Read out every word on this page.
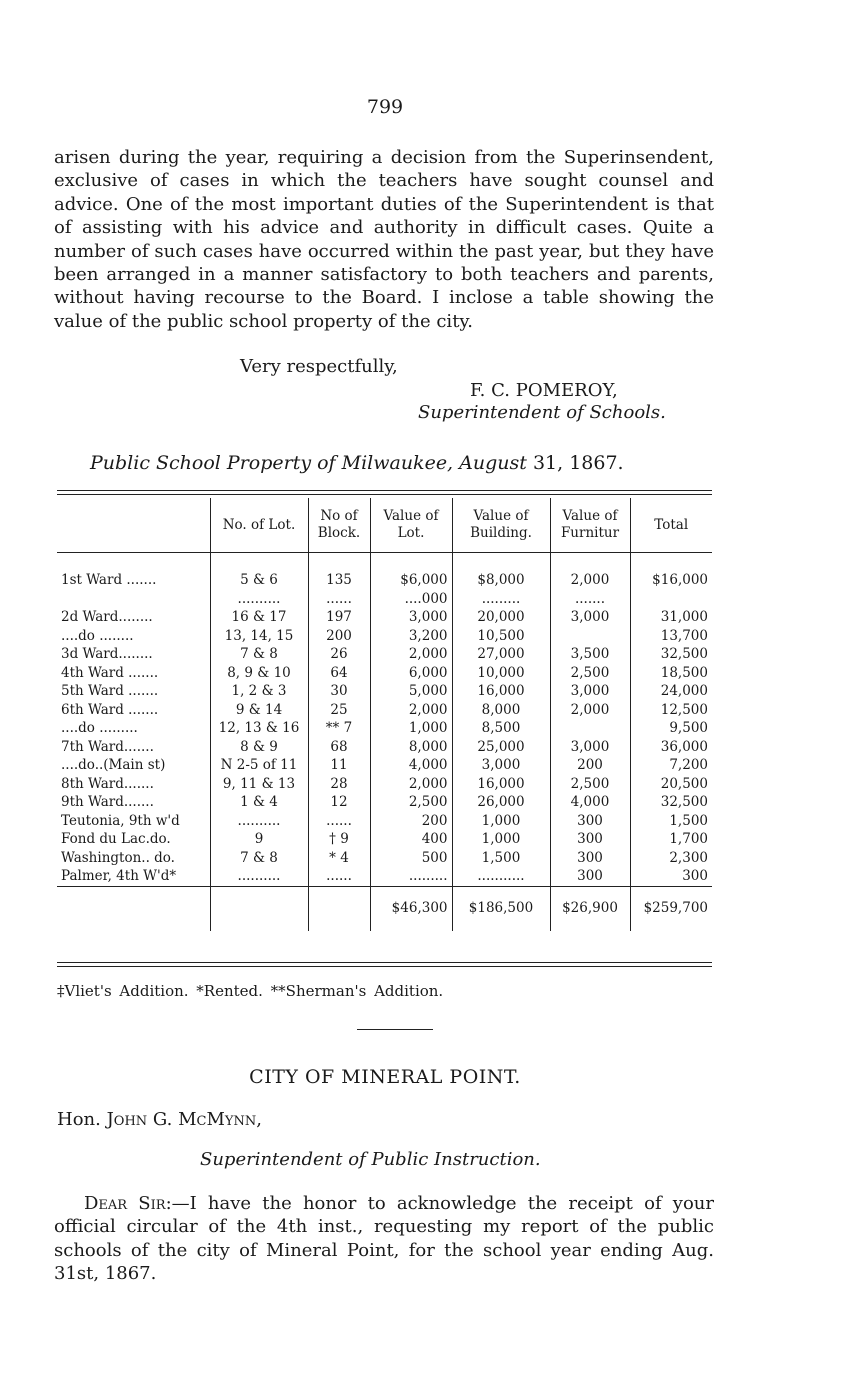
799

arisen during the year, requiring a decision from the Superinsendent, exclusive of cases in which the teachers have sought counsel and advice. One of the most important duties of the Superintendent is that of assisting with his advice and authority in difficult cases. Quite a number of such cases have occurred within the past year, but they have been arranged in a manner satisfactory to both teachers and parents, without having recourse to the Board. I inclose a table showing the value of the public school property of the city.

Very respectfully,
F. C. POMEROY,
Superintendent of Schools.
Public School Property of Milwaukee, August 31, 1867.
	No. of Lot.	No of Block.	Value of Lot.	Value of Building.	Value of Furnitur	Total

1st Ward .......	5 & 6	135	$6,000	$8,000	2,000	$16,000
	..........	......	....000	.........	.......	
2d Ward........	16 & 17	197	3,000	20,000	3,000	31,000
....do ........	13, 14, 15	200	3,200	10,500		13,700
3d Ward........	7 & 8	26	2,000	27,000	3,500	32,500
4th Ward .......	8, 9 & 10	64	6,000	10,000	2,500	18,500
5th Ward .......	1, 2 & 3	30	5,000	16,000	3,000	24,000
6th Ward .......	9 & 14	25	2,000	8,000	2,000	12,500
....do .........	12, 13 & 16	** 7	1,000	8,500		9,500
7th Ward.......	8 & 9	68	8,000	25,000	3,000	36,000
....do..(Main st)	N 2-5 of 11	11	4,000	3,000	200	7,200
8th Ward.......	9, 11 & 13	28	2,000	16,000	2,500	20,500
9th Ward.......	1 & 4	12	2,500	26,000	4,000	32,500
Teutonia, 9th w'd	..........	......	200	1,000	300	1,500
Fond du Lac.do.	9	† 9	400	1,000	300	1,700
Washington.. do.	7 & 8	* 4	500	1,500	300	2,300
Palmer, 4th W'd*	..........	......	.........	...........	300	300
			$46,300	$186,500	$26,900	$259,700
‡Vliet's Addition. *Rented. **Sherman's Addition.
CITY OF MINERAL POINT.
Hon. John G. McMynn,
Superintendent of Public Instruction.

Dear Sir:—I have the honor to acknowledge the receipt of your official circular of the 4th inst., requesting my report of the public schools of the city of Mineral Point, for the school year ending Aug. 31st, 1867.
